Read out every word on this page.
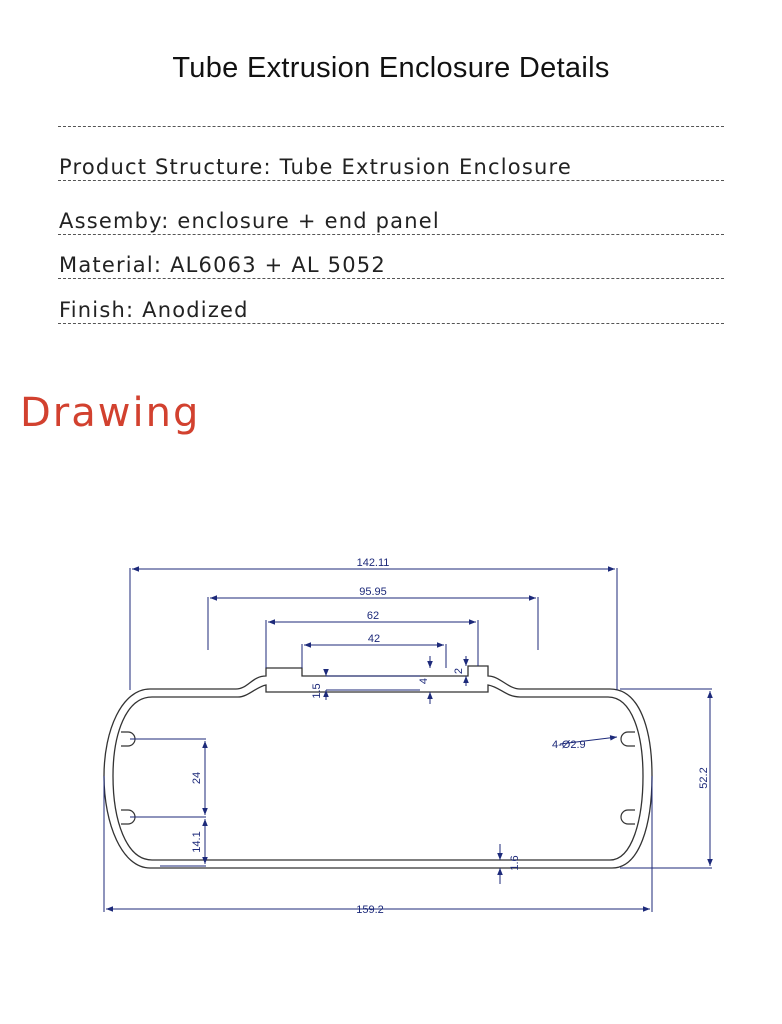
Tube Extrusion Enclosure Details
Product Structure: Tube Extrusion Enclosure
Assemby: enclosure + end panel
Material: AL6063 + AL 5052
Finish: Anodized
Drawing
142.11
95.95
62
42
1.5
4
2
24
14.1
1.6
4-Ø2.9
52.2
159.2
